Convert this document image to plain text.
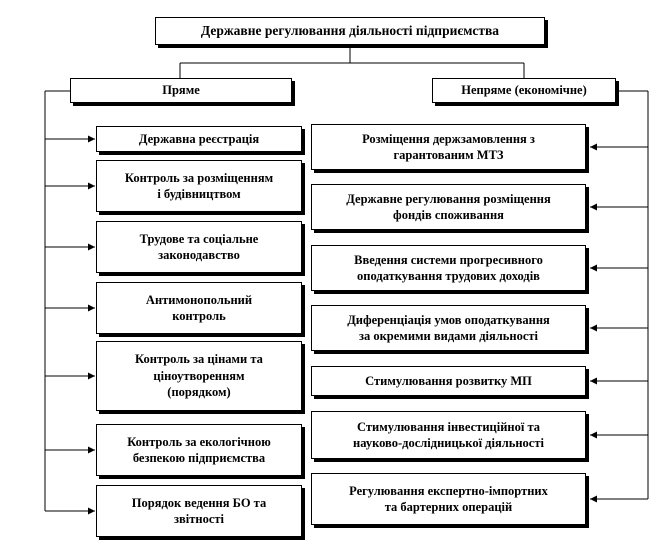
Державне регулювання діяльності підприємства
Пряме	Непряме (економічне)
Державна реєстрація
Контроль за розміщенням
і будівництвом
Трудове та соціальне
законодавство
Антимонопольний
контроль
Контроль за цінами та
ціноутворенням
(порядком)
Контроль за екологічною
безпекою підприємства
Порядок ведення БО та
звітності
Розміщення держзамовлення з
гарантованим МТЗ
Державне регулювання розміщення
фондів споживання
Введення системи прогресивного
оподаткування трудових доходів
Диференціація умов оподаткування
за окремими видами діяльності
Стимулювання розвитку МП
Стимулювання інвестиційної та
науково-дослідницької діяльності
Регулювання експертно-імпортних
та бартерних операцій
